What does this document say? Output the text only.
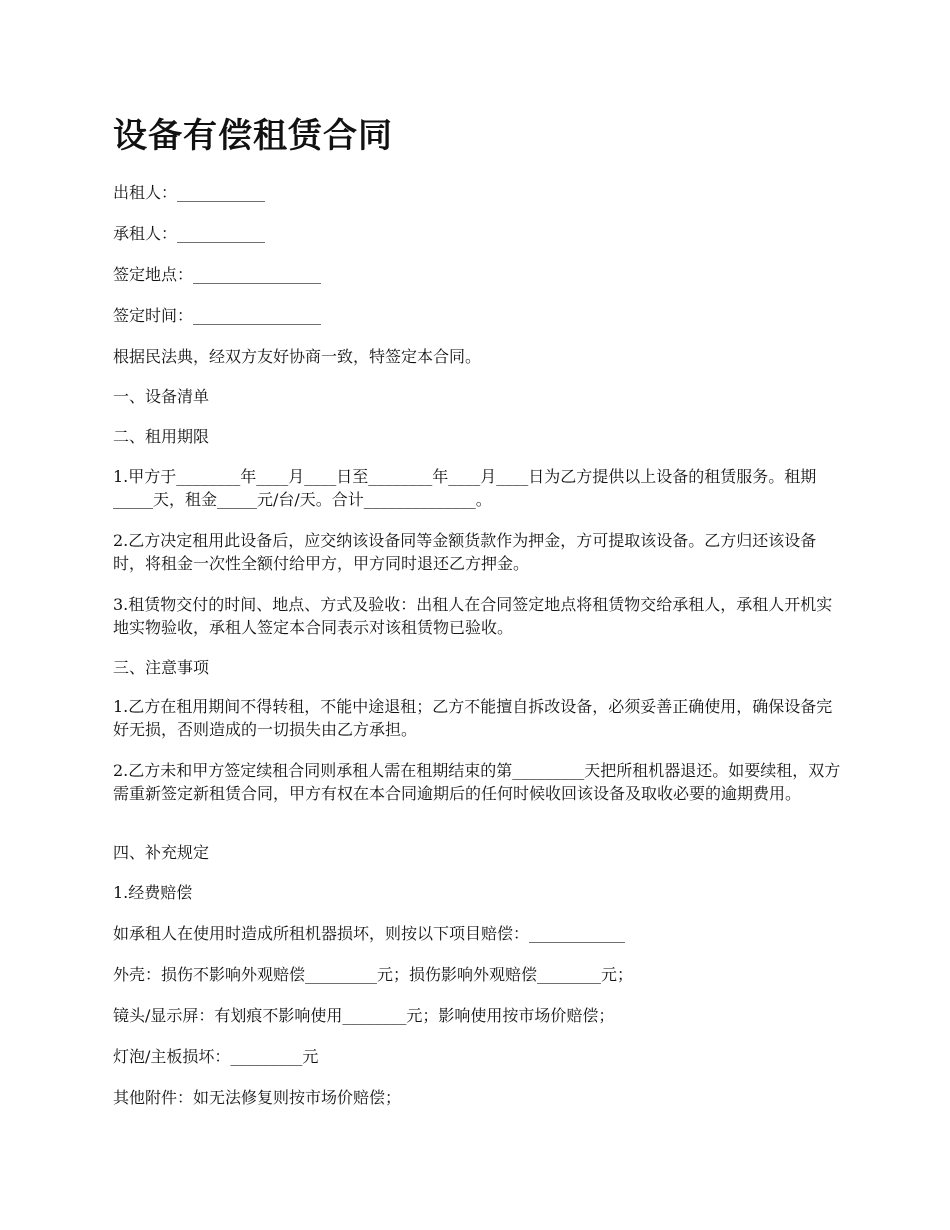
设备有偿租赁合同

出租人：___________

承租人：___________

签定地点：________________

签定时间：________________

根据民法典，经双方友好协商一致，特签定本合同。

一、设备清单

二、租用期限

1.甲方于________年____月____日至________年____月____日为乙方提供以上设备的租赁服务。租期_____天，租金_____元/台/天。合计______________。

2.乙方决定租用此设备后，应交纳该设备同等金额货款作为押金，方可提取该设备。乙方归还该设备时，将租金一次性全额付给甲方，甲方同时退还乙方押金。

3.租赁物交付的时间、地点、方式及验收：出租人在合同签定地点将租赁物交给承租人，承租人开机实地实物验收，承租人签定本合同表示对该租赁物已验收。

三、注意事项

1.乙方在租用期间不得转租，不能中途退租；乙方不能擅自拆改设备，必须妥善正确使用，确保设备完好无损，否则造成的一切损失由乙方承担。

2.乙方未和甲方签定续租合同则承租人需在租期结束的第_________天把所租机器退还。如要续租，双方需重新签定新租赁合同，甲方有权在本合同逾期后的任何时候收回该设备及取收必要的逾期费用。

四、补充规定

1.经费赔偿

如承租人在使用时造成所租机器损坏，则按以下项目赔偿：____________

外壳：损伤不影响外观赔偿_________元；损伤影响外观赔偿________元；

镜头/显示屏：有划痕不影响使用________元；影响使用按市场价赔偿；

灯泡/主板损坏：_________元

其他附件：如无法修复则按市场价赔偿；
